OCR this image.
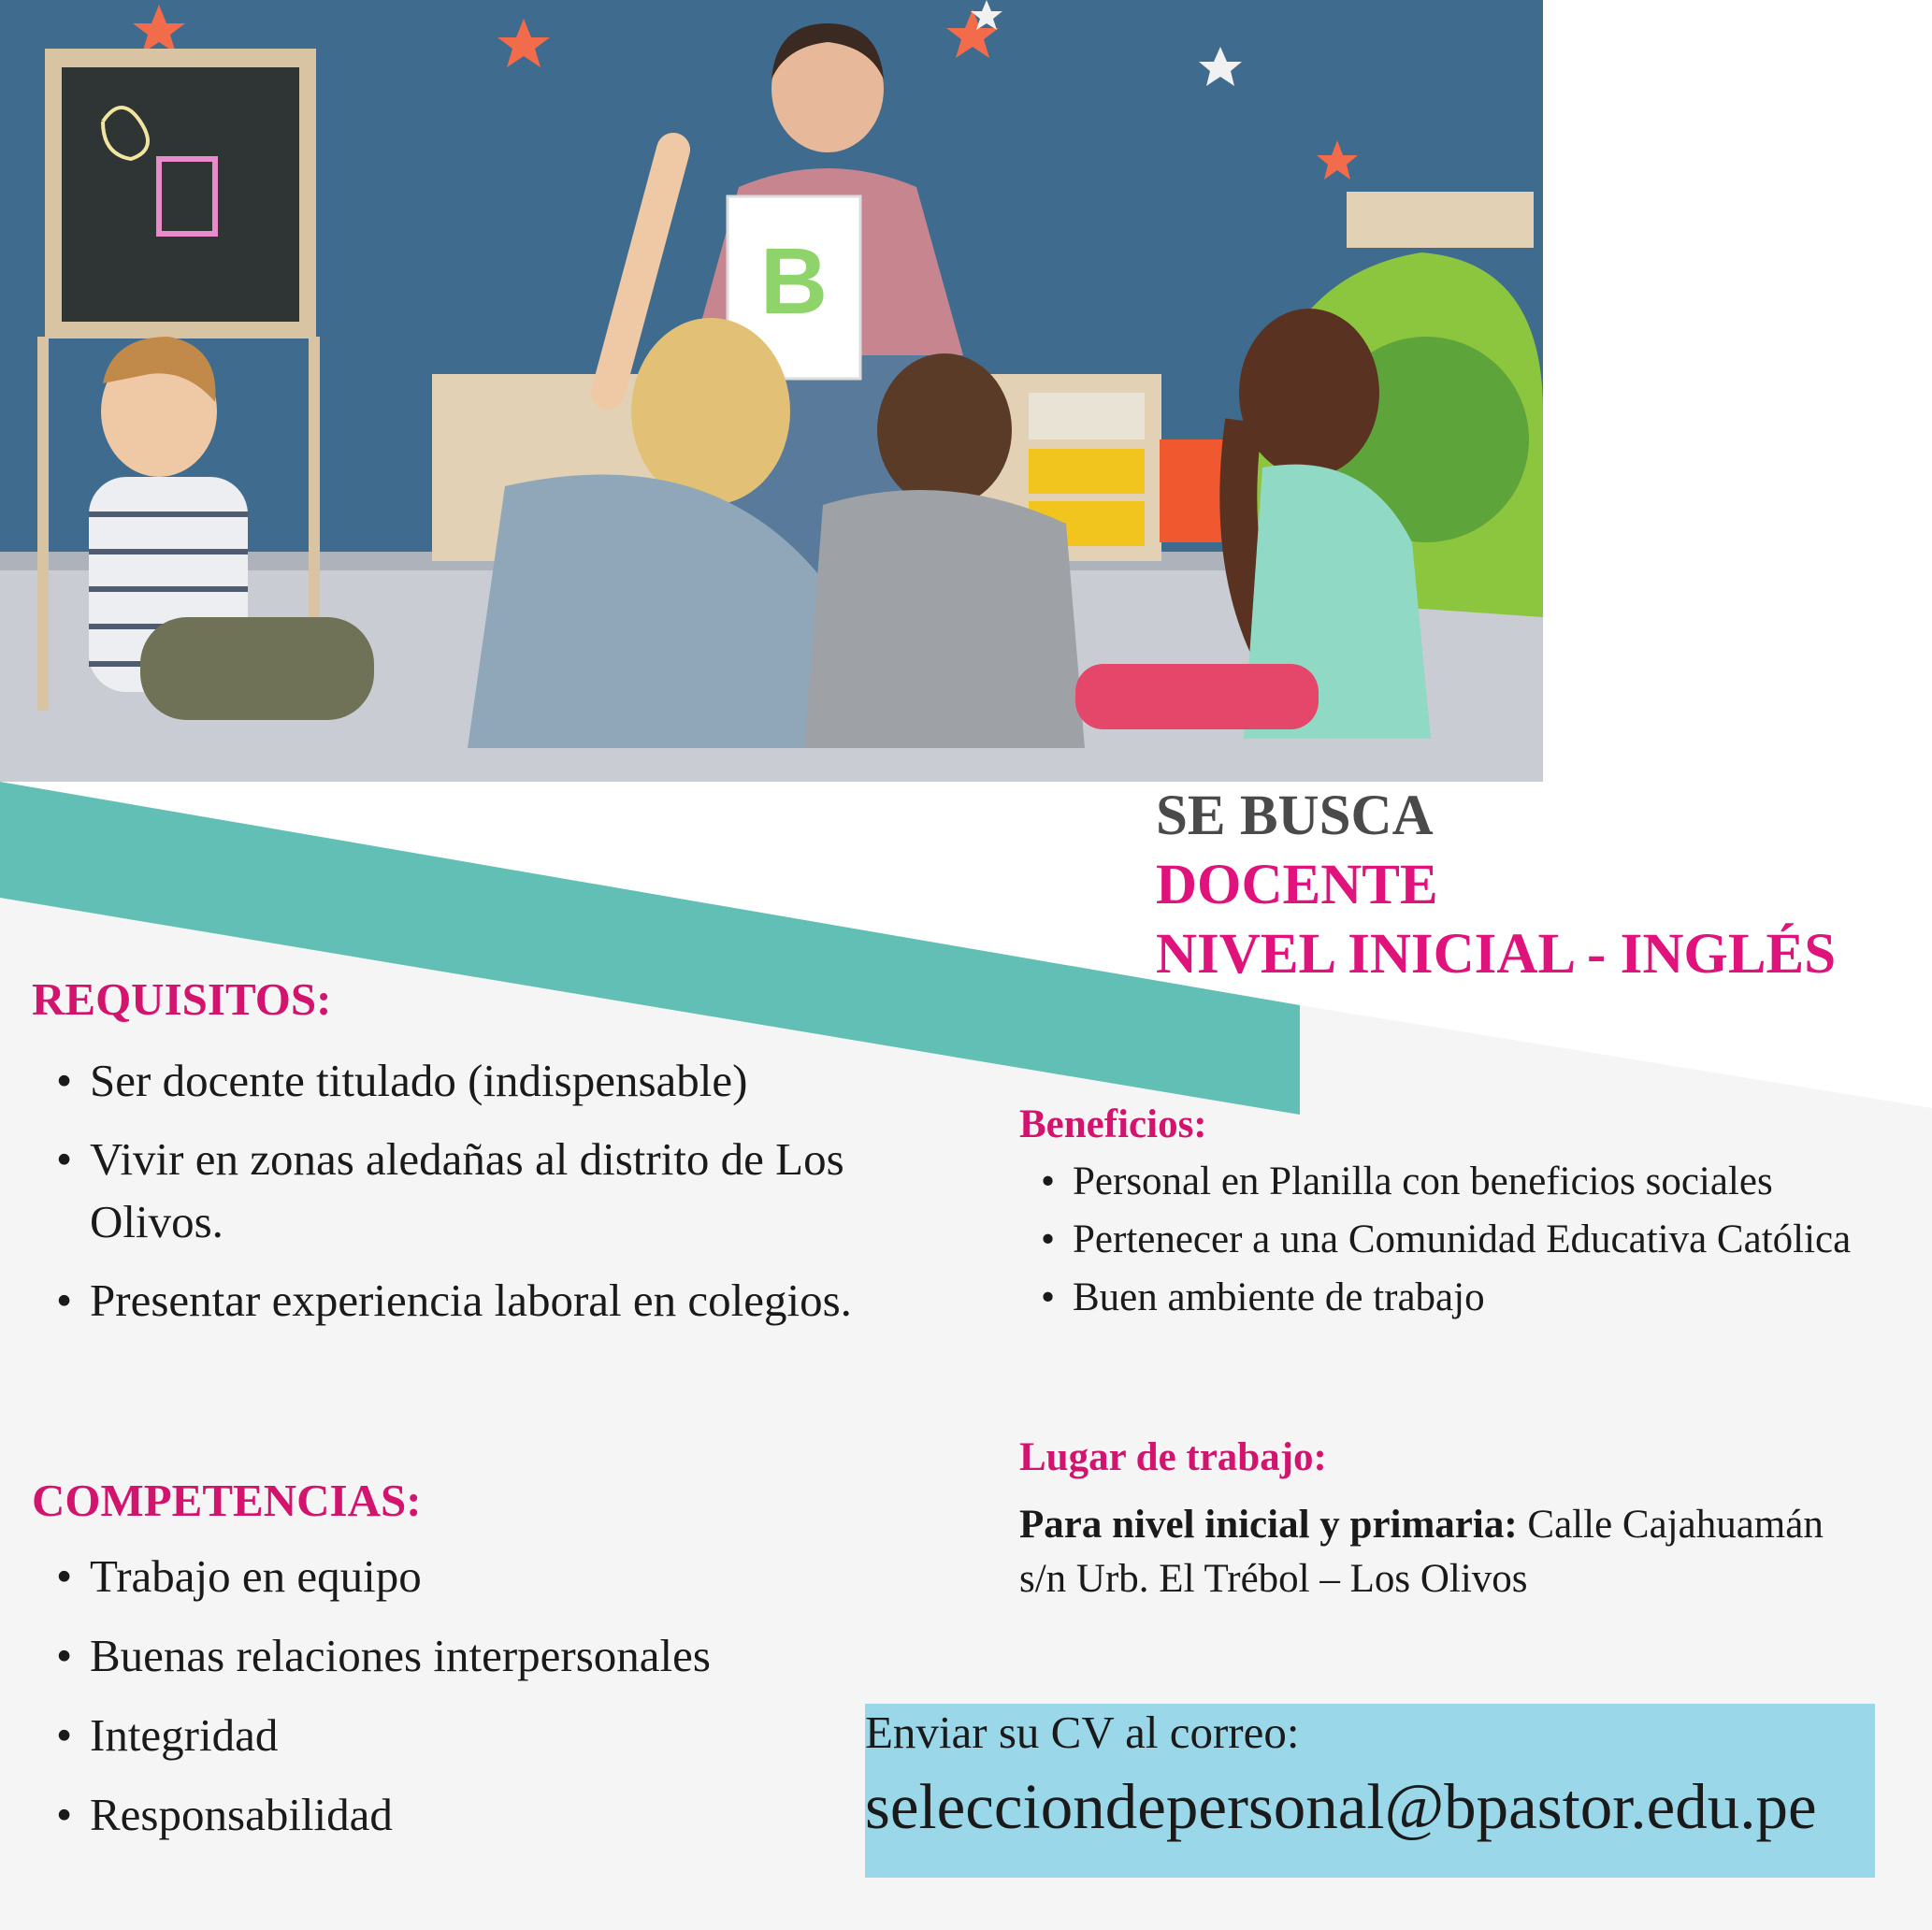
B
SE BUSCA
DOCENTE
NIVEL INICIAL - INGLÉS
REQUISITOS:
• Ser docente titulado (indispensable)
• Vivir en zonas aledañas al distrito de Los Olivos.
• Presentar experiencia laboral en colegios.
COMPETENCIAS:
• Trabajo en equipo
• Buenas relaciones interpersonales
• Integridad
• Responsabilidad
Beneficios:
• Personal en Planilla con beneficios sociales
• Pertenecer a una Comunidad Educativa Católica
• Buen ambiente de trabajo
Lugar de trabajo:
Para nivel inicial y primaria: Calle Cajahuamán s/n Urb. El Trébol – Los Olivos
Enviar su CV al correo:
selecciondepersonal@bpastor.edu.pe
